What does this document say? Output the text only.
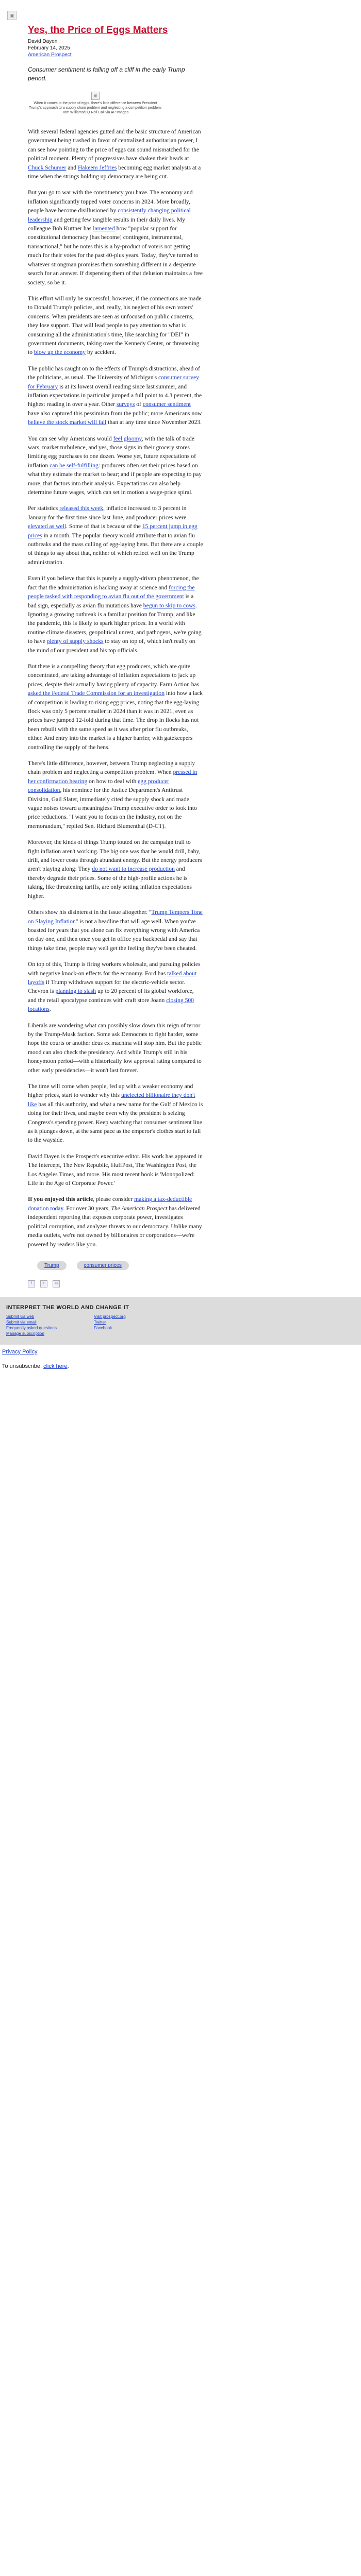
▣
Yes, the Price of Eggs Matters
David Dayen
February 14, 2025
American Prospect

Consumer sentiment is falling off a cliff in the early Trump period.

▣
When it comes to the price of eggs, there's little difference between President Trump's approach to a supply chain problem and neglecting a competition problem. Tom Williams/CQ Roll Call via AP Images

With several federal agencies gutted and the basic structure of American government being trashed in favor of centralized authoritarian power, I can see how pointing to the price of eggs can sound mismatched for the political moment. Plenty of progressives have shaken their heads at Chuck Schumer and Hakeem Jeffries becoming egg market analysts at a time when the strings holding up democracy are being cut.

But you go to war with the constituency you have. The economy and inflation significantly topped voter concerns in 2024. More broadly, people have become disillusioned by consistently changing political leadership and getting few tangible results in their daily lives. My colleague Bob Kuttner has lamented how "popular support for constitutional democracy [has become] contingent, instrumental, transactional," but he notes this is a by-product of voters not getting much for their votes for the past 40-plus years. Today, they've turned to whatever strongman promises them something different in a desperate search for an answer. If dispensing them of that delusion maintains a free society, so be it.

This effort will only be successful, however, if the connections are made to Donald Trump's policies, and, really, his neglect of his own voters' concerns. When presidents are seen as unfocused on public concerns, they lose support. That will lead people to pay attention to what is consuming all the administration's time, like searching for "DEI" in government documents, taking over the Kennedy Center, or threatening to blow up the economy by accident.

The public has caught on to the effects of Trump's distractions, ahead of the politicians, as usual. The University of Michigan's consumer survey for February is at its lowest overall reading since last summer, and inflation expectations in particular jumped a full point to 4.3 percent, the highest reading in over a year. Other surveys of consumer sentiment have also captured this pessimism from the public; more Americans now believe the stock market will fall than at any time since November 2023.

You can see why Americans would feel gloomy, with the talk of trade wars, market turbulence, and yes, those signs in their grocery stores limiting egg purchases to one dozen. Worse yet, future expectations of inflation can be self-fulfilling: producers often set their prices based on what they estimate the market to bear; and if people are expecting to pay more, that factors into their analysis. Expectations can also help determine future wages, which can set in motion a wage-price spiral.

Per statistics released this week, inflation increased to 3 percent in January for the first time since last June, and producer prices were elevated as well. Some of that is because of the 15 percent jump in egg prices in a month. The popular theory would attribute that to avian flu outbreaks and the mass culling of egg-laying hens. But there are a couple of things to say about that, neither of which reflect well on the Trump administration.

Even if you believe that this is purely a supply-driven phenomenon, the fact that the administration is hacking away at science and forcing the people tasked with responding to avian flu out of the government is a bad sign, especially as avian flu mutations have begun to skip to cows. Ignoring a growing outbreak is a familiar position for Trump, and like the pandemic, this is likely to spark higher prices. In a world with routine climate disasters, geopolitical unrest, and pathogens, we're going to have plenty of supply shocks to stay on top of, which isn't really on the mind of our president and his top officials.

But there is a compelling theory that egg producers, which are quite concentrated, are taking advantage of inflation expectations to jack up prices, despite their actually having plenty of capacity. Farm Action has asked the Federal Trade Commission for an investigation into how a lack of competition is leading to rising egg prices, noting that the egg-laying flock was only 5 percent smaller in 2024 than it was in 2021, even as prices have jumped 12-fold during that time. The drop in flocks has not been rebuilt with the same speed as it was after prior flu outbreaks, either. And entry into the market is a higher barrier, with gatekeepers controlling the supply of the hens.

There's little difference, however, between Trump neglecting a supply chain problem and neglecting a competition problem. When pressed in her confirmation hearing on how to deal with egg producer consolidation, his nominee for the Justice Department's Antitrust Division, Gail Slater, immediately cited the supply shock and made vague noises toward a meaningless Trump executive order to look into price reductions. "I want you to focus on the industry, not on the memorandum," replied Sen. Richard Blumenthal (D-CT).

Moreover, the kinds of things Trump touted on the campaign trail to fight inflation aren't working. The big one was that he would drill, baby, drill, and lower costs through abundant energy. But the energy producers aren't playing along: They do not want to increase production and thereby degrade their prices. Some of the high-profile actions he is taking, like threatening tariffs, are only setting inflation expectations higher.

Others show his disinterest in the issue altogether. "Trump Tempers Tone on Slaying Inflation" is not a headline that will age well. When you've boasted for years that you alone can fix everything wrong with America on day one, and then once you get in office you backpedal and say that things take time, people may well get the feeling they've been cheated.

On top of this, Trump is firing workers wholesale, and pursuing policies with negative knock-on effects for the economy. Ford has talked about layoffs if Trump withdraws support for the electric-vehicle sector. Chevron is planning to slash up to 20 percent of its global workforce, and the retail apocalypse continues with craft store Joann closing 500 locations.

Liberals are wondering what can possibly slow down this reign of terror by the Trump-Musk faction. Some ask Democrats to fight harder, some hope the courts or another deus ex machina will stop him. But the public mood can also check the presidency. And while Trump's still in his honeymoon period—with a historically low approval rating compared to other early presidencies—it won't last forever.

The time will come when people, fed up with a weaker economy and higher prices, start to wonder why this unelected billionaire they don't like has all this authority, and what a new name for the Gulf of Mexico is doing for their lives, and maybe even why the president is seizing Congress's spending power. Keep watching that consumer sentiment line as it plunges down, at the same pace as the emperor's clothes start to fall to the wayside.

David Dayen is the Prospect's executive editor. His work has appeared in The Intercept, The New Republic, HuffPost, The Washington Post, the Los Angeles Times, and more. His most recent book is 'Monopolized: Life in the Age of Corporate Power.'

If you enjoyed this article, please consider making a tax-deductible donation today. For over 30 years, The American Prospect has delivered independent reporting that exposes corporate power, investigates political corruption, and analyzes threats to our democracy. Unlike many media outlets, we're not owned by billionaires or corporations—we're powered by readers like you.

Trump	consumer prices
f	t	✉
INTERPRET THE WORLD AND CHANGE IT
Submit via web
Submit via email
Frequently asked questions
Manage subscription
Visit prospect.org
Twitter
Facebook
Privacy Policy
To unsubscribe, click here.
